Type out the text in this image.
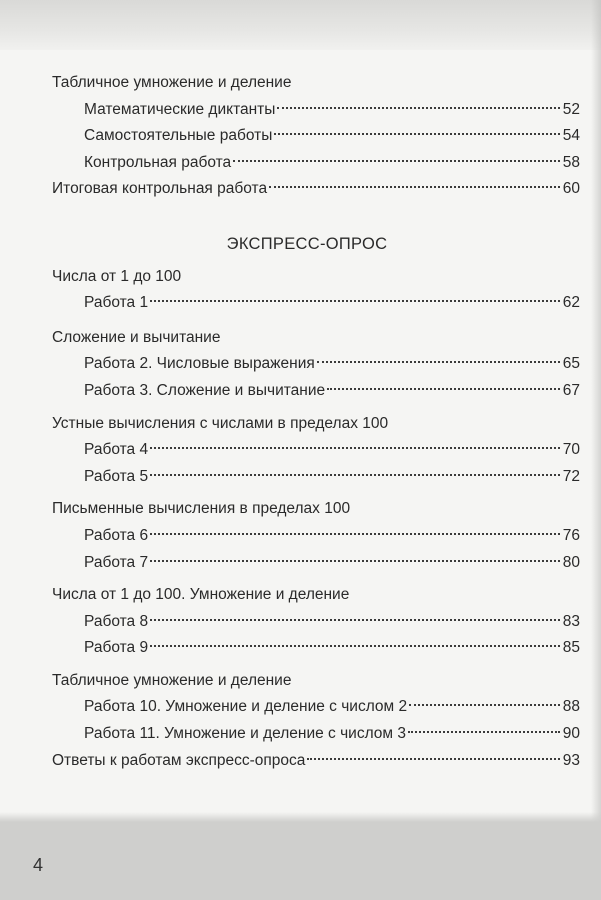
Табличное умножение и деление
Математические диктанты	52
Самостоятельные работы	54
Контрольная работа	58
Итоговая контрольная работа	60
ЭКСПРЕСС-ОПРОС
Числа от 1 до 100
Работа 1	62
Сложение и вычитание
Работа 2. Числовые выражения	65
Работа 3. Сложение и вычитание	67
Устные вычисления с числами в пределах 100
Работа 4	70
Работа 5	72
Письменные вычисления в пределах 100
Работа 6	76
Работа 7	80
Числа от 1 до 100. Умножение и деление
Работа 8	83
Работа 9	85
Табличное умножение и деление
Работа 10. Умножение и деление с числом 2	88
Работа 11. Умножение и деление с числом 3	90
Ответы к работам экспресс-опроса	93
4
